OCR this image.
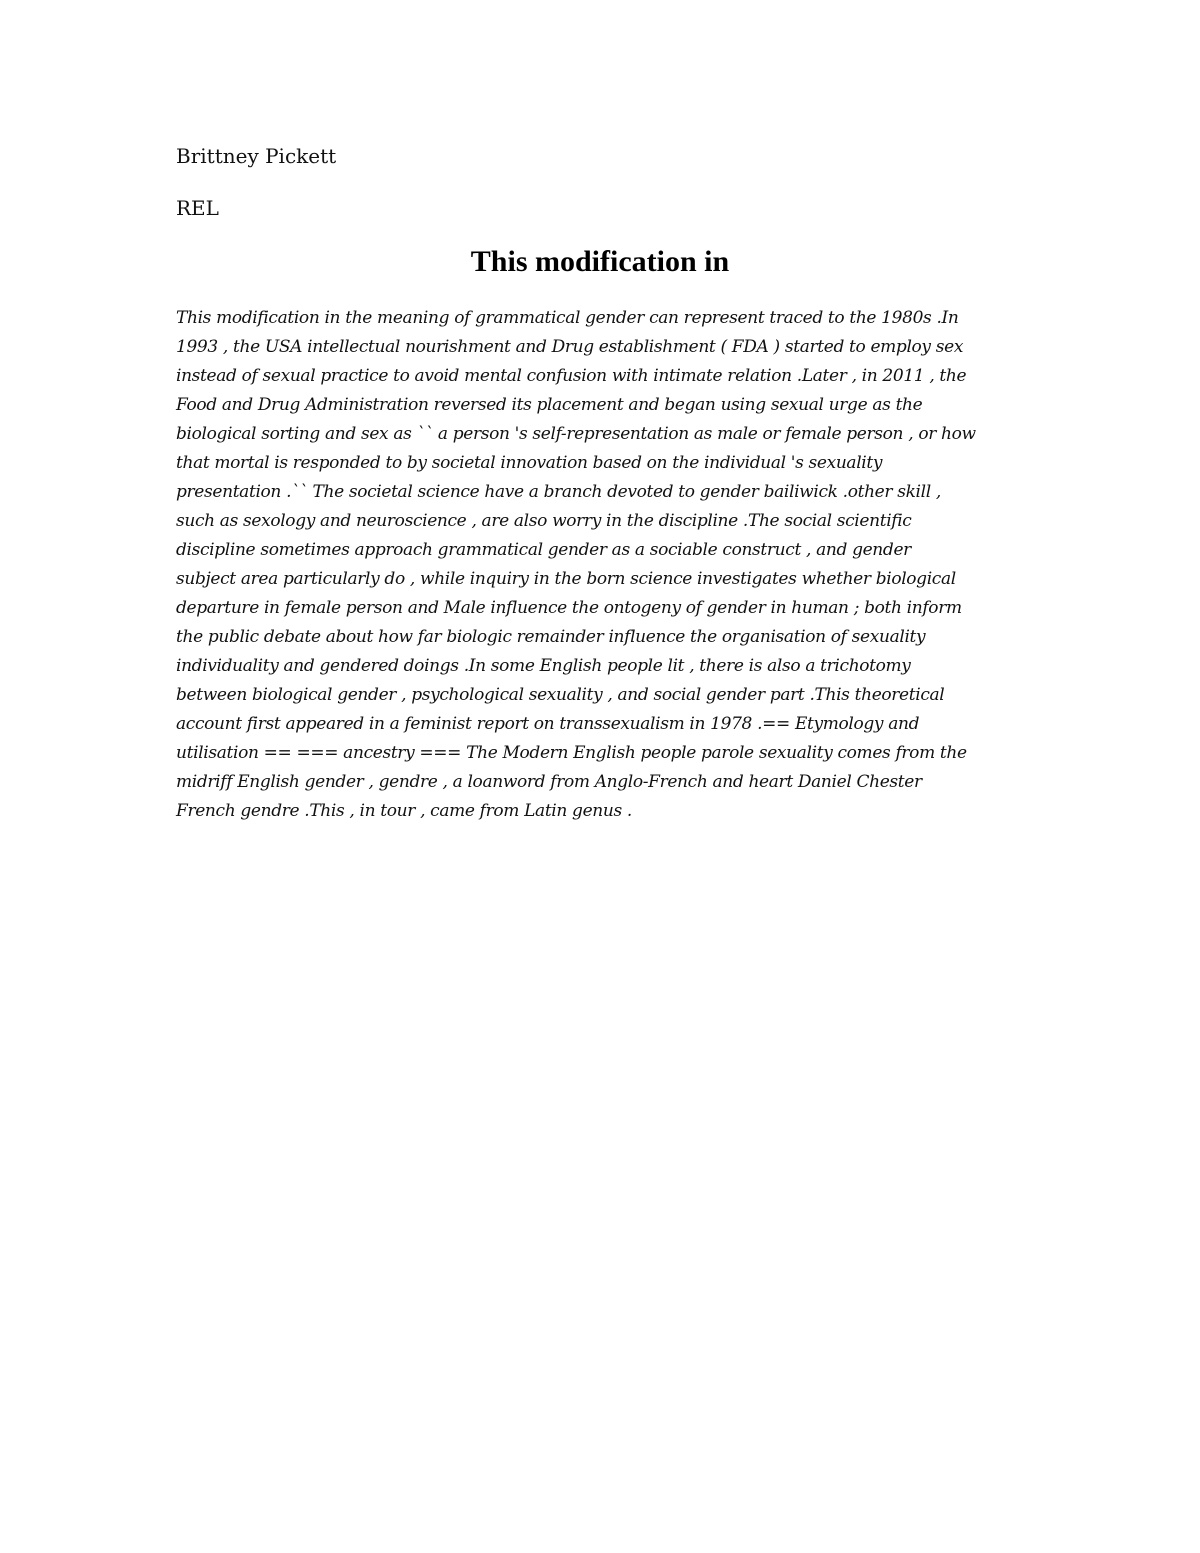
Brittney Pickett
REL
This modification in
This modification in the meaning of grammatical gender can represent traced to the 1980s .In
1993 , the USA intellectual nourishment and Drug establishment ( FDA ) started to employ sex
instead of sexual practice to avoid mental confusion with intimate relation .Later , in 2011 , the
Food and Drug Administration reversed its placement and began using sexual urge as the
biological sorting and sex as `` a person 's self-representation as male or female person , or how
that mortal is responded to by societal innovation based on the individual 's sexuality
presentation .`` The societal science have a branch devoted to gender bailiwick .other skill ,
such as sexology and neuroscience , are also worry in the discipline .The social scientific
discipline sometimes approach grammatical gender as a sociable construct , and gender
subject area particularly do , while inquiry in the born science investigates whether biological
departure in female person and Male influence the ontogeny of gender in human ; both inform
the public debate about how far biologic remainder influence the organisation of sexuality
individuality and gendered doings .In some English people lit , there is also a trichotomy
between biological gender , psychological sexuality , and social gender part .This theoretical
account first appeared in a feminist report on transsexualism in 1978 .== Etymology and
utilisation == === ancestry === The Modern English people parole sexuality comes from the
midriff English gender , gendre , a loanword from Anglo-French and heart Daniel Chester
French gendre .This , in tour , came from Latin genus .
